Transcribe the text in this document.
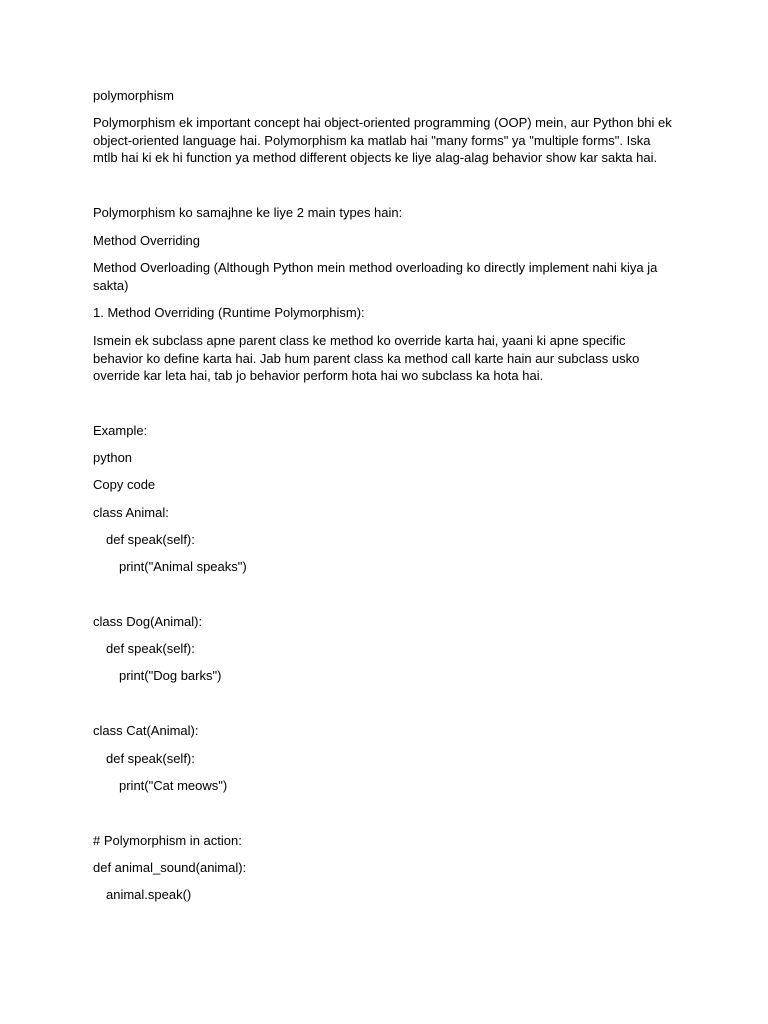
polymorphism

Polymorphism ek important concept hai object-oriented programming (OOP) mein, aur Python bhi ek object-oriented language hai. Polymorphism ka matlab hai "many forms" ya "multiple forms". Iska mtlb hai ki ek hi function ya method different objects ke liye alag-alag behavior show kar sakta hai.

Polymorphism ko samajhne ke liye 2 main types hain:

Method Overriding

Method Overloading (Although Python mein method overloading ko directly implement nahi kiya ja sakta)

1. Method Overriding (Runtime Polymorphism):

Ismein ek subclass apne parent class ke method ko override karta hai, yaani ki apne specific behavior ko define karta hai. Jab hum parent class ka method call karte hain aur subclass usko override kar leta hai, tab jo behavior perform hota hai wo subclass ka hota hai.

Example:

python

Copy code

class Animal:

def speak(self):

print("Animal speaks")

class Dog(Animal):

def speak(self):

print("Dog barks")

class Cat(Animal):

def speak(self):

print("Cat meows")

# Polymorphism in action:

def animal_sound(animal):

animal.speak()
